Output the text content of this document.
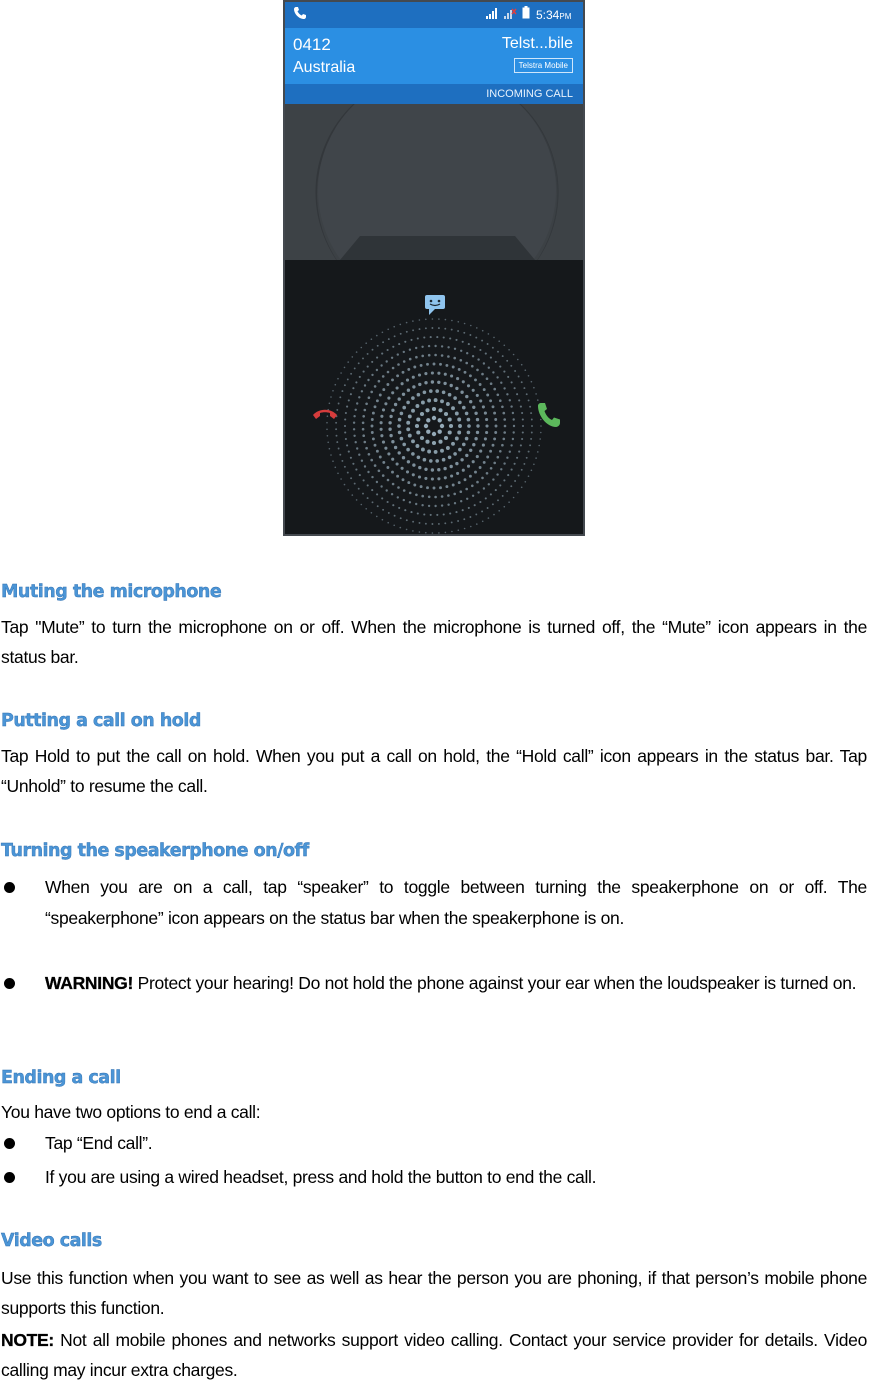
5:34PM
0412
Australia
Telst...bile
Telstra Mobile
INCOMING CALL
Muting the microphone
Tap "Mute” to turn the microphone on or off. When the microphone is turned off, the “Mute” icon appears in the status bar.
Putting a call on hold
Tap Hold to put the call on hold. When you put a call on hold, the “Hold call” icon appears in the status bar. Tap “Unhold” to resume the call.
Turning the speakerphone on/off
When you are on a call, tap “speaker” to toggle between turning the speakerphone on or off. The “speakerphone” icon appears on the status bar when the speakerphone is on.
WARNING! Protect your hearing! Do not hold the phone against your ear when the loudspeaker is turned on.
Ending a call
You have two options to end a call:
Tap “End call”.
If you are using a wired headset, press and hold the button to end the call.
Video calls
Use this function when you want to see as well as hear the person you are phoning, if that person’s mobile phone supports this function.
NOTE: Not all mobile phones and networks support video calling. Contact your service provider for details. Video calling may incur extra charges.
